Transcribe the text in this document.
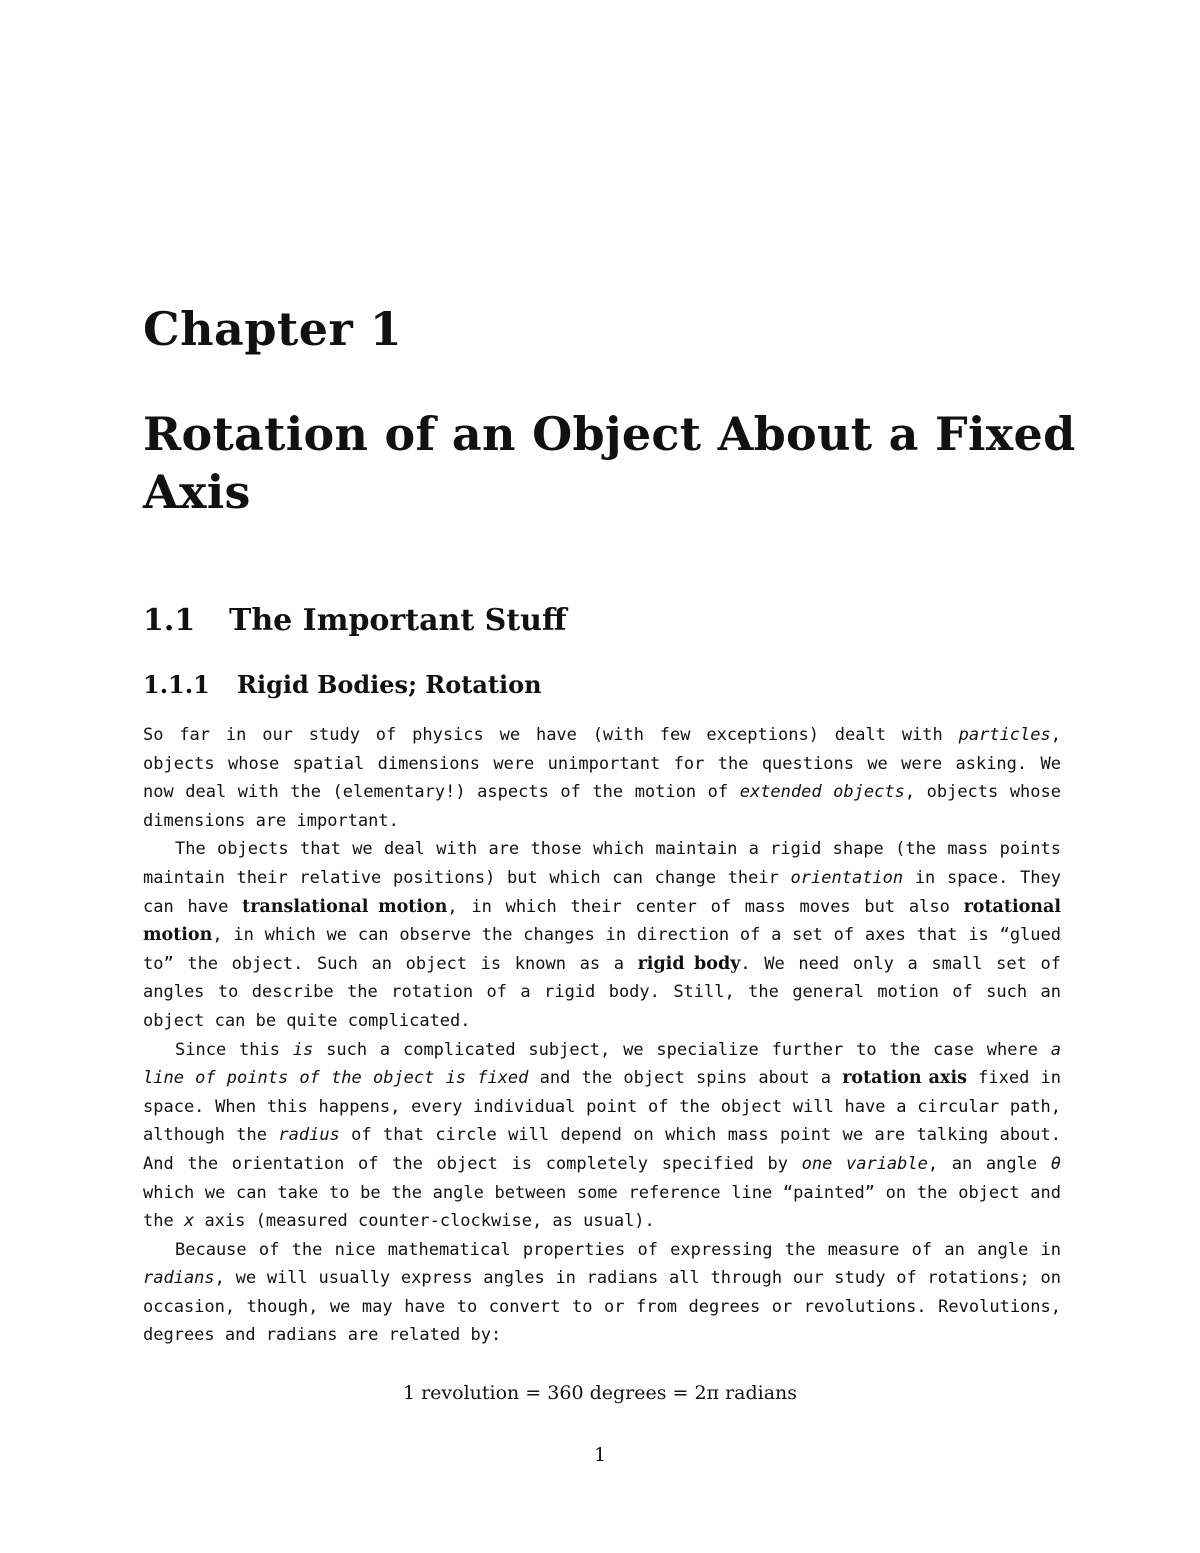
Chapter 1
Rotation of an Object About a Fixed Axis
1.1 The Important Stuff
1.1.1 Rigid Bodies; Rotation

So far in our study of physics we have (with few exceptions) dealt with particles, objects whose spatial dimensions were unimportant for the questions we were asking. We now deal with the (elementary!) aspects of the motion of extended objects, objects whose dimensions are important.

The objects that we deal with are those which maintain a rigid shape (the mass points maintain their relative positions) but which can change their orientation in space. They can have translational motion, in which their center of mass moves but also rotational motion, in which we can observe the changes in direction of a set of axes that is “glued to” the object. Such an object is known as a rigid body. We need only a small set of angles to describe the rotation of a rigid body. Still, the general motion of such an object can be quite complicated.

Since this is such a complicated subject, we specialize further to the case where a line of points of the object is fixed and the object spins about a rotation axis fixed in space. When this happens, every individual point of the object will have a circular path, although the radius of that circle will depend on which mass point we are talking about. And the orientation of the object is completely specified by one variable, an angle θ which we can take to be the angle between some reference line “painted” on the object and the x axis (measured counter-clockwise, as usual).

Because of the nice mathematical properties of expressing the measure of an angle in radians, we will usually express angles in radians all through our study of rotations; on occasion, though, we may have to convert to or from degrees or revolutions. Revolutions, degrees and radians are related by:

1 revolution = 360 degrees = 2π radians

1
